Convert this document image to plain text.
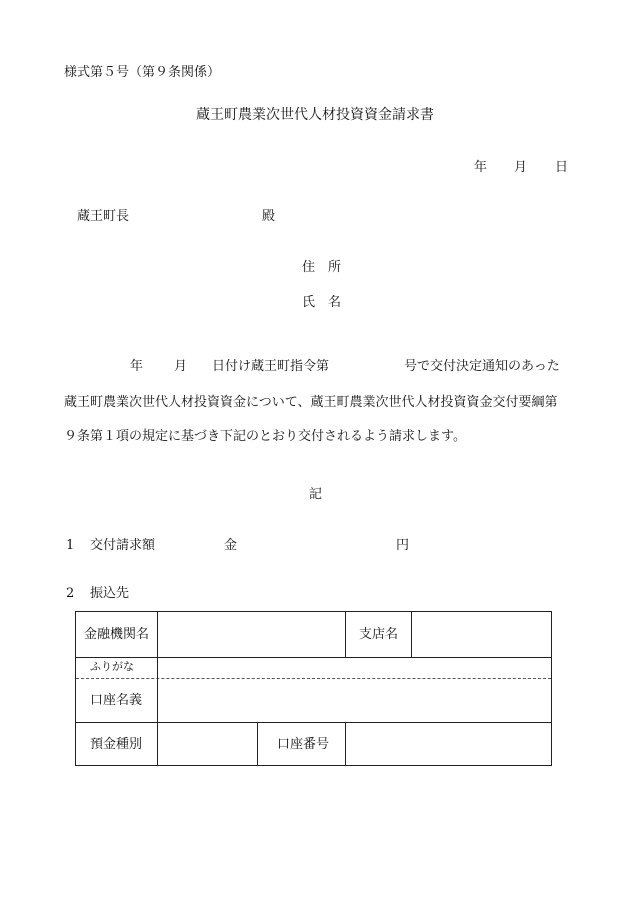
様式第５号（第９条関係）
蔵王町農業次世代人材投資資金請求書
年 月 日
蔵王町長	殿
住　所
氏　名
年 月 日付け蔵王町指令第	号で交付決定通知のあった
蔵王町農業次世代人材投資資金について、蔵王町農業次世代人材投資資金交付要綱第
９条第１項の規定に基づき下記のとおり交付されるよう請求します。
記
1 交付請求額	金	円
2 振込先
金融機関名	支店名
ふりがな
口座名義
預金種別	口座番号
